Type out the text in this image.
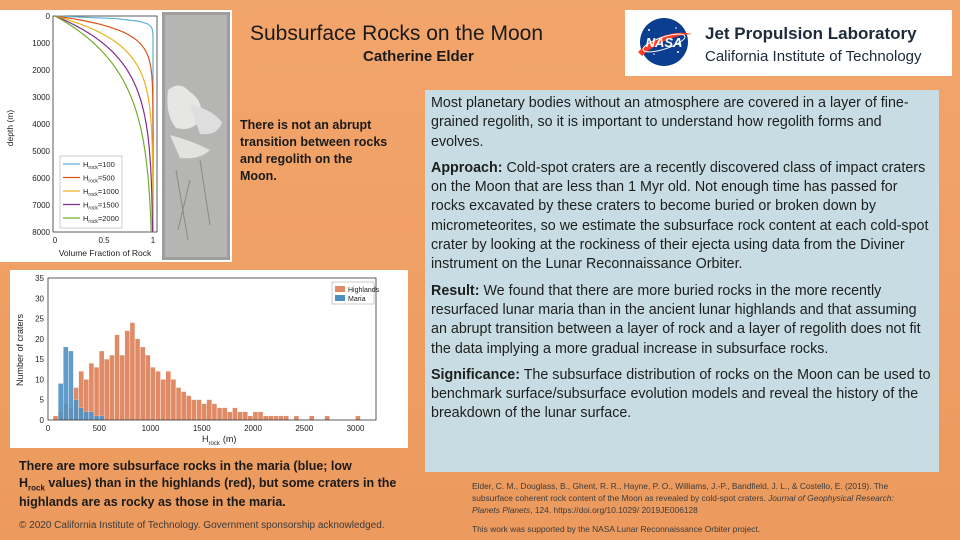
Subsurface Rocks on the Moon
Catherine Elder
NASA Jet Propulsion Laboratory
California Institute of Technology
0
1000
2000
3000
4000
5000
6000
7000
8000
0	0.5	1
depth (m)
Volume Fraction of Rock
$H_{rock}=100$
$H_{rock}=500$
$H_{rock}=1000$
$H_{rock}=1500$
$H_{rock}=2000$
There is not an abrupt transition between rocks and regolith on the Moon.
0
5
10
15
20
25
30
35
0	500	1000	1500	2000	2500	3000
Number of craters
$H_{rock}$ (m)
Highlands
Maria
There are more subsurface rocks in the maria (blue; low
$H_{rock}$ values) than in the highlands (red), but some craters in the highlands are as rocky as those in the maria.
© 2020 California Institute of Technology. Government sponsorship acknowledged.

Most planetary bodies without an atmosphere are covered in a layer of fine-grained regolith, so it is important to understand how regolith forms and evolves.

Approach: Cold-spot craters are a recently discovered class of impact craters on the Moon that are less than 1 Myr old. Not enough time has passed for rocks excavated by these craters to become buried or broken down by micrometeorites, so we estimate the subsurface rock content at each cold-spot crater by looking at the rockiness of their ejecta using data from the Diviner instrument on the Lunar Reconnaissance Orbiter.

Result: We found that there are more buried rocks in the more recently resurfaced lunar maria than in the ancient lunar highlands and that assuming an abrupt transition between a layer of rock and a layer of regolith does not fit the data implying a more gradual increase in subsurface rocks.

Significance: The subsurface distribution of rocks on the Moon can be used to benchmark surface/subsurface evolution models and reveal the history of the breakdown of the lunar surface.

Elder, C. M., Douglass, B., Ghent, R. R., Hayne, P. O., Williams, J.-P., Bandfield, J. L., & Costello, E. (2019). The subsurface coherent rock content of the Moon as revealed by cold-spot craters. Journal of Geophysical Research: Planets Planets, 124. https://doi.org/10.1029/ 2019JE006128
This work was supported by the NASA Lunar Reconnaissance Orbiter project.
